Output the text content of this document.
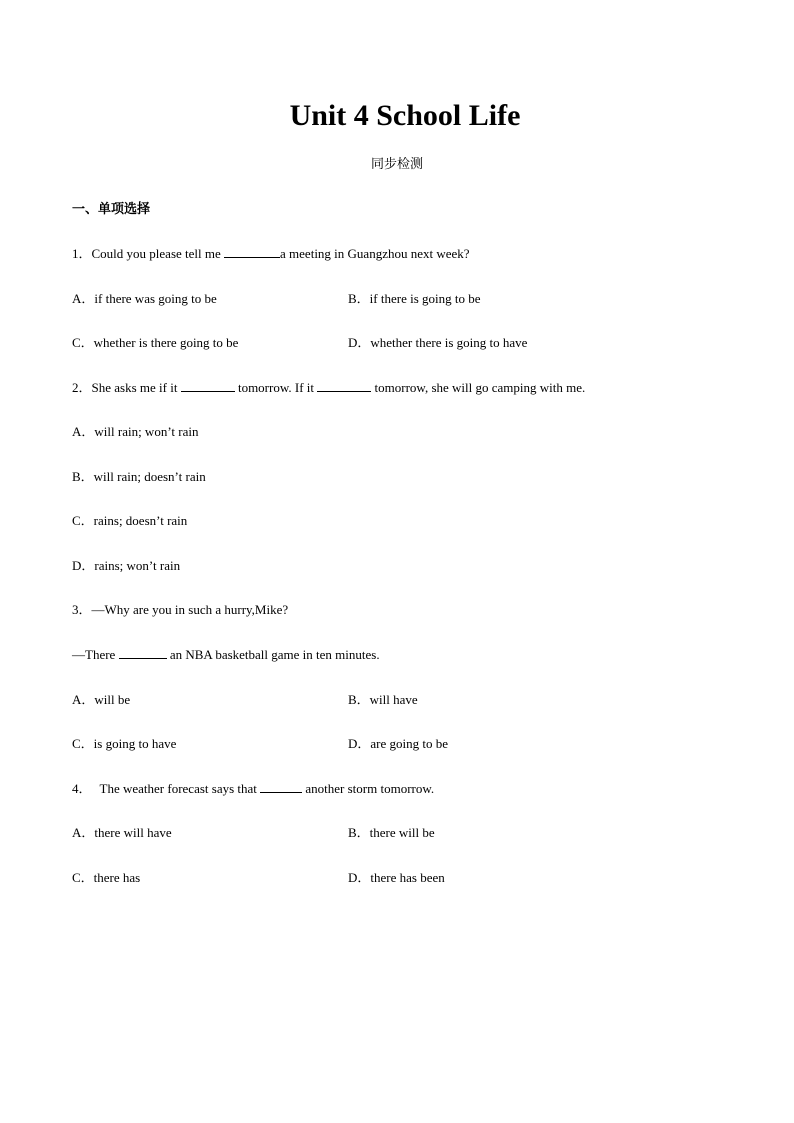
Unit 4 School Life
同步检测
一、单项选择
1．Could you please tell me	a meeting in Guangzhou next week?
A．if there was going to be	B．if there is going to be
C．whether is there going to be	D．whether there is going to have
2．She asks me if it	tomorrow. If it	tomorrow, she will go camping with me.
A．will rain; won’t rain
B．will rain; doesn’t rain
C．rains; doesn’t rain
D．rains; won’t rain
3．—Why are you in such a hurry,Mike?
—There	an NBA basketball game in ten minutes.
A．will be	B．will have
C．is going to have	D．are going to be
4． The weather forecast says that	another storm tomorrow.
A．there will have	B．there will be
C．there has	D．there has been
